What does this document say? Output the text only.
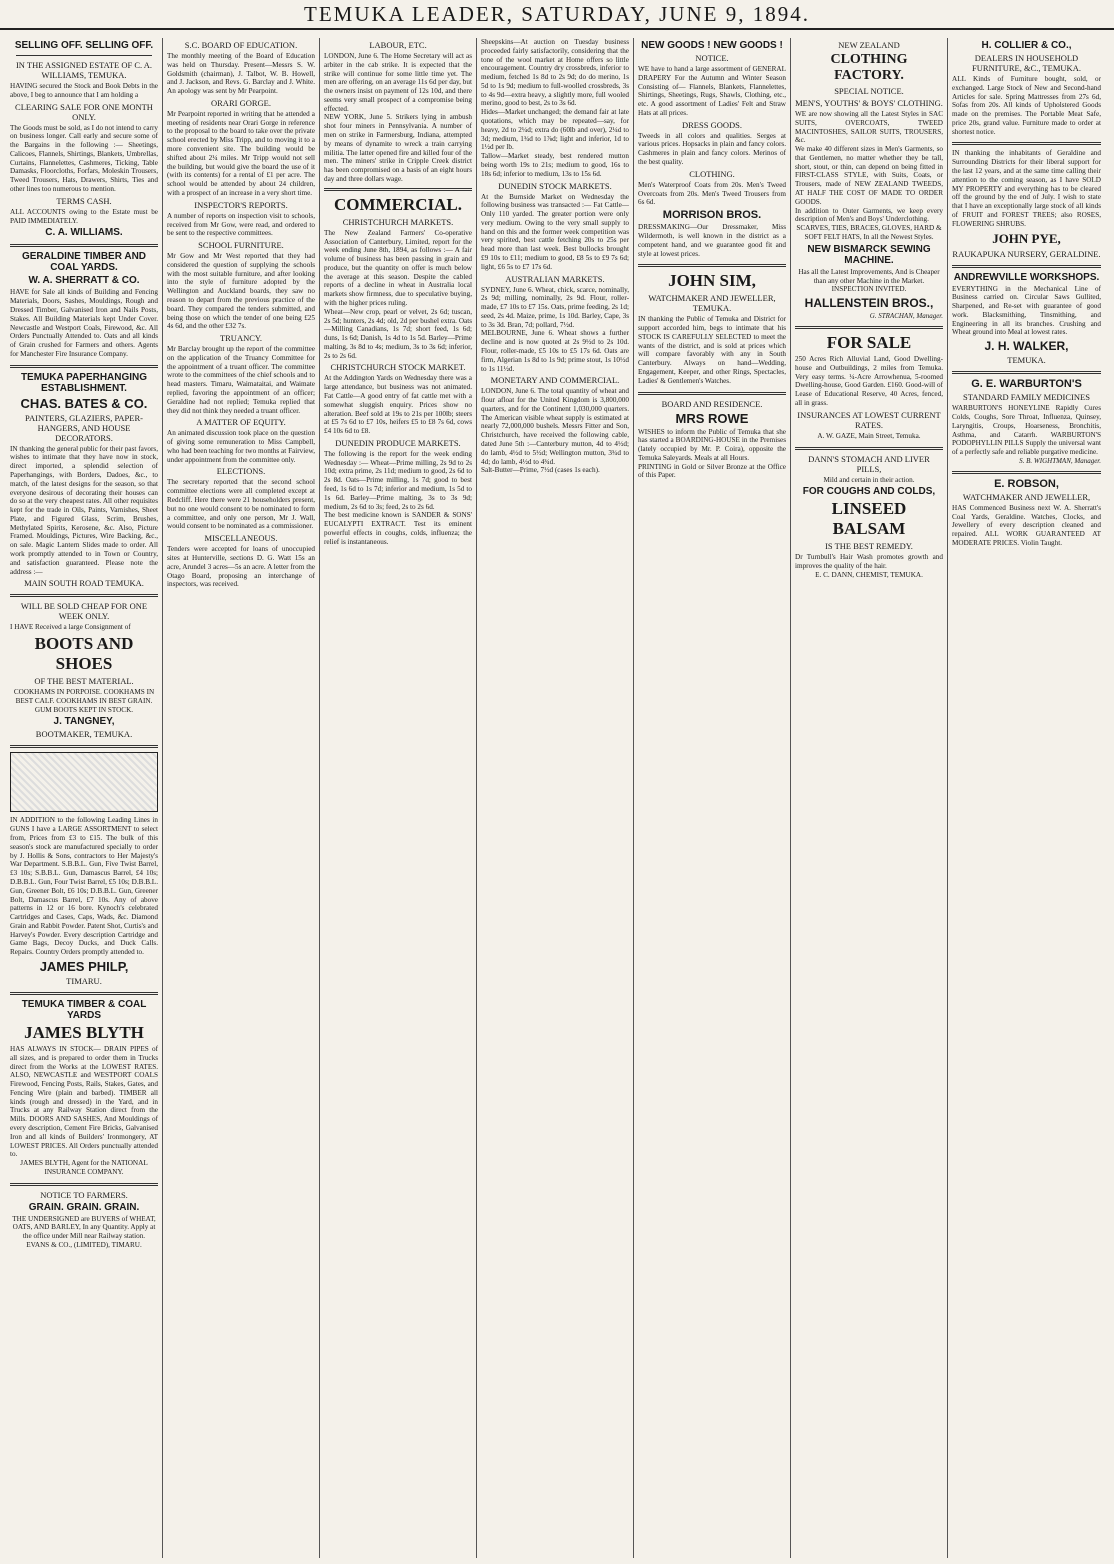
TEMUKA LEADER, SATURDAY, JUNE 9, 1894.
SELLING OFF. SELLING OFF.
IN THE ASSIGNED ESTATE OF C. A. WILLIAMS, TEMUKA.
HAVING secured the Stock and Book Debts in the above, I beg to announce that I am holding a
CLEARING SALE FOR ONE MONTH ONLY.
The Goods must be sold, as I do not intend to carry on business longer. Call early and secure some of the Bargains in the following :— Sheetings, Calicoes, Flannels, Shirtings, Blankets, Umbrellas, Curtains, Flannelettes, Cashmeres, Ticking, Table Damasks, Floorcloths, Forfars, Moleskin Trousers, Tweed Trousers, Hats, Drawers, Shirts, Ties and other lines too numerous to mention.
TERMS CASH.
ALL ACCOUNTS owing to the Estate must be PAID IMMEDIATELY.
C. A. WILLIAMS.
GERALDINE TIMBER AND COAL YARDS.
W. A. SHERRATT & CO.
HAVE for Sale all kinds of Building and Fencing Materials, Doors, Sashes, Mouldings, Rough and Dressed Timber, Galvanised Iron and Nails Posts, Stakes. All Building Materials kept Under Cover. Newcastle and Westport Coals, Firewood, &c. All Orders Punctually Attended to. Oats and all kinds of Grain crushed for Farmers and others. Agents for Manchester Fire Insurance Company.
TEMUKA PAPERHANGING ESTABLISHMENT.
CHAS. BATES & CO.
PAINTERS, GLAZIERS, PAPER-HANGERS, AND HOUSE DECORATORS.
IN thanking the general public for their past favors, wishes to intimate that they have now in stock, direct imported, a splendid selection of Paperhangings, with Borders, Dadoes, &c., to match, of the latest designs for the season, so that everyone desirous of decorating their houses can do so at the very cheapest rates. All other requisites kept for the trade in Oils, Paints, Varnishes, Sheet Plate, and Figured Glass, Scrim, Brushes, Methylated Spirits, Kerosene, &c. Also, Picture Framed. Mouldings, Pictures, Wire Backing, &c., on sale. Magic Lantern Slides made to order. All work promptly attended to in Town or Country, and satisfaction guaranteed. Please note the address :—
MAIN SOUTH ROAD TEMUKA.
WILL BE SOLD CHEAP FOR ONE WEEK ONLY.
I HAVE Received a large Consignment of
BOOTS AND SHOES
OF THE BEST MATERIAL.
COOKHAMS IN PORPOISE. COOKHAMS IN BEST CALF. COOKHAMS IN BEST GRAIN. GUM BOOTS KEPT IN STOCK.
J. TANGNEY,
BOOTMAKER, TEMUKA.
IN ADDITION to the following Leading Lines in GUNS I have a LARGE ASSORTMENT to select from, Prices from £3 to £15. The bulk of this season's stock are manufactured specially to order by J. Hollis & Sons, contractors to Her Majesty's War Department. S.B.B.L. Gun, Five Twist Barrel, £3 10s; S.B.B.L. Gun, Damascus Barrel, £4 10s; D.B.B.L. Gun, Four Twist Barrel, £5 10s; D.B.B.L. Gun, Greener Bolt, £6 10s; D.B.B.L. Gun, Greener Bolt, Damascus Barrel, £7 10s. Any of above patterns in 12 or 16 bore. Kynoch's celebrated Cartridges and Cases, Caps, Wads, &c. Diamond Grain and Rabbit Powder. Patent Shot, Curtis's and Harvey's Powder. Every description Cartridge and Game Bags, Decoy Ducks, and Duck Calls. Repairs. Country Orders promptly attended to.
JAMES PHILP,
TIMARU.
TEMUKA TIMBER & COAL YARDS
JAMES BLYTH
HAS ALWAYS IN STOCK— DRAIN PIPES of all sizes, and is prepared to order them in Trucks direct from the Works at the LOWEST RATES. ALSO, NEWCASTLE and WESTPORT COALS Firewood, Fencing Posts, Rails, Stakes, Gates, and Fencing Wire (plain and barbed). TIMBER all kinds (rough and dressed) in the Yard, and in Trucks at any Railway Station direct from the Mills. DOORS AND SASHES, And Mouldings of every description, Cement Fire Bricks, Galvanised Iron and all kinds of Builders' Ironmongery, AT LOWEST PRICES. All Orders punctually attended to.
JAMES BLYTH, Agent for the NATIONAL INSURANCE COMPANY.
NOTICE TO FARMERS.
GRAIN. GRAIN. GRAIN.
THE UNDERSIGNED are BUYERS of WHEAT, OATS, AND BARLEY, In any Quantity. Apply at the office under Mill near Railway station.
EVANS & CO., (LIMITED), TIMARU.
S.C. BOARD OF EDUCATION.
The monthly meeting of the Board of Education was held on Thursday. Present—Messrs S. W. Goldsmith (chairman), J. Talbot, W. B. Howell, and J. Jackson, and Revs. G. Barclay and J. White. An apology was sent by Mr Pearpoint.
ORARI GORGE.
Mr Pearpoint reported in writing that he attended a meeting of residents near Orari Gorge in reference to the proposal to the board to take over the private school erected by Miss Tripp, and to moving it to a more convenient site. The building would be shifted about 2¼ miles. Mr Tripp would not sell the building, but would give the board the use of it (with its contents) for a rental of £1 per acre. The school would be attended by about 24 children, with a prospect of an increase in a very short time.
INSPECTOR'S REPORTS.
A number of reports on inspection visit to schools, received from Mr Gow, were read, and ordered to be sent to the respective committees.
SCHOOL FURNITURE.
Mr Gow and Mr West reported that they had considered the question of supplying the schools with the most suitable furniture, and after looking into the style of furniture adopted by the Wellington and Auckland boards, they saw no reason to depart from the previous practice of the board. They compared the tenders submitted, and being those on which the tender of one being £25 4s 6d, and the other £32 7s.
TRUANCY.
Mr Barclay brought up the report of the committee on the application of the Truancy Committee for the appointment of a truant officer. The committee wrote to the committees of the chief schools and to head masters. Timaru, Waimataitai, and Waimate replied, favoring the appointment of an officer; Geraldine had not replied; Temuka replied that they did not think they needed a truant officer.
A MATTER OF EQUITY.
An animated discussion took place on the question of giving some remuneration to Miss Campbell, who had been teaching for two months at Fairview, under appointment from the committee only.
ELECTIONS.
The secretary reported that the second school committee elections were all completed except at Redcliff. Here there were 21 householders present, but no one would consent to be nominated to form a committee, and only one person, Mr J. Wall, would consent to be nominated as a commissioner.
MISCELLANEOUS.
Tenders were accepted for loans of unoccupied sites at Hunterville, sections D. G. Watt 15s an acre, Arundel 3 acres—5s an acre. A letter from the Otago Board, proposing an interchange of inspectors, was received.
LABOUR, ETC.
LONDON, June 6. The Home Secretary will act as arbiter in the cab strike. It is expected that the strike will continue for some little time yet. The men are offering, on an average 11s 6d per day, but the owners insist on payment of 12s 10d, and there seems very small prospect of a compromise being effected.
NEW YORK, June 5. Strikers lying in ambush shot four miners in Pennsylvania. A number of men on strike in Farmersburg, Indiana, attempted by means of dynamite to wreck a train carrying militia. The latter opened fire and killed four of the men. The miners' strike in Cripple Creek district has been compromised on a basis of an eight hours day and three dollars wage.
COMMERCIAL.
CHRISTCHURCH MARKETS.
The New Zealand Farmers' Co-operative Association of Canterbury, Limited, report for the week ending June 8th, 1894, as follows :— A fair volume of business has been passing in grain and produce, but the quantity on offer is much below the average at this season. Despite the cabled reports of a decline in wheat in Australia local markets show firmness, due to speculative buying, with the higher prices ruling.
Wheat—New crop, pearl or velvet, 2s 6d; tuscan, 2s 5d; hunters, 2s 4d; old, 2d per bushel extra. Oats—Milling Canadians, 1s 7d; short feed, 1s 6d; duns, 1s 6d; Danish, 1s 4d to 1s 5d. Barley—Prime malting, 3s 8d to 4s; medium, 3s to 3s 6d; inferior, 2s to 2s 6d.
CHRISTCHURCH STOCK MARKET.
At the Addington Yards on Wednesday there was a large attendance, but business was not animated. Fat Cattle—A good entry of fat cattle met with a somewhat sluggish enquiry. Prices show no alteration. Beef sold at 19s to 21s per 100lb; steers at £5 7s 6d to £7 10s, heifers £5 to £8 7s 6d, cows £4 10s 6d to £8.
DUNEDIN PRODUCE MARKETS.
The following is the report for the week ending Wednesday :— Wheat—Prime milling, 2s 9d to 2s 10d; extra prime, 2s 11d; medium to good, 2s 6d to 2s 8d. Oats—Prime milling, 1s 7d; good to best feed, 1s 6d to 1s 7d; inferior and medium, 1s 5d to 1s 6d. Barley—Prime malting, 3s to 3s 9d; medium, 2s 6d to 3s; feed, 2s to 2s 6d.
The best medicine known is SANDER & SONS' EUCALYPTI EXTRACT. Test its eminent powerful effects in coughs, colds, influenza; the relief is instantaneous.
Sheepskins—At auction on Tuesday business proceeded fairly satisfactorily, considering that the tone of the wool market at Home offers so little encouragement. Country dry crossbreds, inferior to medium, fetched 1s 8d to 2s 9d; do do merino, 1s 5d to 1s 9d; medium to full-woolled crossbreds, 3s to 4s 9d—extra heavy, a slightly more, full wooled merino, good to best, 2s to 3s 6d.
Hides—Market unchanged; the demand fair at late quotations, which may be repeated—say, for heavy, 2d to 2¼d; extra do (60lb and over), 2¼d to 3d; medium, 1¾d to 1⅞d; light and inferior, 1d to 1½d per lb.
Tallow—Market steady, best rendered mutton being worth 19s to 21s; medium to good, 16s to 18s 6d; inferior to medium, 13s to 15s 6d.
DUNEDIN STOCK MARKETS.
At the Burnside Market on Wednesday the following business was transacted :— Fat Cattle—Only 110 yarded. The greater portion were only very medium. Owing to the very small supply to hand on this and the former week competition was very spirited, best cattle fetching 20s to 25s per head more than last week. Best bullocks brought £9 10s to £11; medium to good, £8 5s to £9 7s 6d; light, £6 5s to £7 17s 6d.
AUSTRALIAN MARKETS.
SYDNEY, June 6. Wheat, chick, scarce, nominally, 2s 9d; milling, nominally, 2s 9d. Flour, roller-made, £7 10s to £7 15s. Oats, prime feeding, 2s 1d; seed, 2s 4d. Maize, prime, 1s 10d. Barley, Cape, 3s to 3s 3d. Bran, 7d; pollard, 7½d.
MELBOURNE, June 6. Wheat shows a further decline and is now quoted at 2s 9½d to 2s 10d. Flour, roller-made, £5 10s to £5 17s 6d. Oats are firm, Algerian 1s 8d to 1s 9d; prime stout, 1s 10½d to 1s 11½d.
MONETARY AND COMMERCIAL.
LONDON, June 6. The total quantity of wheat and flour afloat for the United Kingdom is 3,800,000 quarters, and for the Continent 1,030,000 quarters. The American visible wheat supply is estimated at nearly 72,000,000 bushels. Messrs Fitter and Son, Christchurch, have received the following cable, dated June 5th :—Canterbury mutton, 4d to 4½d; do lamb, 4½d to 5½d; Wellington mutton, 3¾d to 4d; do lamb, 4½d to 4¾d.
Salt-Butter—Prime, 7½d (cases 1s each).
NEW GOODS ! NEW GOODS !
NOTICE.
WE have to hand a large assortment of GENERAL DRAPERY For the Autumn and Winter Season Consisting of— Flannels, Blankets, Flannelettes, Shirtings, Sheetings, Rugs, Shawls, Clothing, etc., etc. A good assortment of Ladies' Felt and Straw Hats at all prices.
DRESS GOODS.
Tweeds in all colors and qualities. Serges at various prices. Hopsacks in plain and fancy colors. Cashmeres in plain and fancy colors. Merinos of the best quality.
CLOTHING.
Men's Waterproof Coats from 20s. Men's Tweed Overcoats from 20s. Men's Tweed Trousers from 6s 6d.
MORRISON BROS.
DRESSMAKING—Our Dressmaker, Miss Wildermoth, is well known in the district as a competent hand, and we guarantee good fit and style at lowest prices.
JOHN SIM,
WATCHMAKER AND JEWELLER, TEMUKA.
IN thanking the Public of Temuka and District for support accorded him, begs to intimate that his STOCK IS CAREFULLY SELECTED to meet the wants of the district, and is sold at prices which will compare favorably with any in South Canterbury. Always on hand—Wedding, Engagement, Keeper, and other Rings, Spectacles, Ladies' & Gentlemen's Watches.
BOARD AND RESIDENCE.
MRS ROWE
WISHES to inform the Public of Temuka that she has started a BOARDING-HOUSE in the Premises (lately occupied by Mr. P. Coira), opposite the Temuka Saleyards. Meals at all Hours.
PRINTING in Gold or Silver Bronze at the Office of this Paper.
NEW ZEALAND
CLOTHING FACTORY.
SPECIAL NOTICE.
MEN'S, YOUTHS' & BOYS' CLOTHING.
WE are now showing all the Latest Styles in SAC SUITS, OVERCOATS, TWEED MACINTOSHES, SAILOR SUITS, TROUSERS, &c.
We make 40 different sizes in Men's Garments, so that Gentlemen, no matter whether they be tall, short, stout, or thin, can depend on being fitted in FIRST-CLASS STYLE, with Suits, Coats, or Trousers, made of NEW ZEALAND TWEEDS, AT HALF THE COST OF MADE TO ORDER GOODS.
In addition to Outer Garments, we keep every description of Men's and Boys' Underclothing.
SCARVES, TIES, BRACES, GLOVES, HARD & SOFT FELT HATS, In all the Newest Styles.
NEW BISMARCK SEWING MACHINE.
Has all the Latest Improvements, And is Cheaper than any other Machine in the Market. INSPECTION INVITED.
HALLENSTEIN BROS.,
G. STRACHAN, Manager.
FOR SALE
250 Acres Rich Alluvial Land, Good Dwelling-house and Outbuildings, 2 miles from Temuka. Very easy terms. ¼-Acre Arrowhenua, 5-roomed Dwelling-house, Good Garden. £160. Good-will of Lease of Educational Reserve, 40 Acres, fenced, all in grass.
INSURANCES AT LOWEST CURRENT RATES.
A. W. GAZE, Main Street, Temuka.
DANN'S STOMACH AND LIVER PILLS,
Mild and certain in their action.
FOR COUGHS AND COLDS,
LINSEED BALSAM
IS THE BEST REMEDY.
Dr Turnbull's Hair Wash promotes growth and improves the quality of the hair.
E. C. DANN, CHEMIST, TEMUKA.
H. COLLIER & CO.,
DEALERS IN HOUSEHOLD FURNITURE, &C., TEMUKA.
ALL Kinds of Furniture bought, sold, or exchanged. Large Stock of New and Second-hand Articles for sale. Spring Mattresses from 27s 6d, Sofas from 20s. All kinds of Upholstered Goods made on the premises. The Portable Meat Safe, price 20s, grand value. Furniture made to order at shortest notice.
IN thanking the inhabitants of Geraldine and Surrounding Districts for their liberal support for the last 12 years, and at the same time calling their attention to the coming season, as I have SOLD MY PROPERTY and everything has to be cleared off the ground by the end of July. I wish to state that I have an exceptionally large stock of all kinds of FRUIT and FOREST TREES; also ROSES, FLOWERING SHRUBS.
JOHN PYE,
RAUKAPUKA NURSERY, GERALDINE.
ANDREWVILLE WORKSHOPS.
EVERYTHING in the Mechanical Line of Business carried on. Circular Saws Gullited, Sharpened, and Re-set with guarantee of good work. Blacksmithing, Tinsmithing, and Engineering in all its branches. Crushing and Wheat ground into Meal at lowest rates.
J. H. WALKER,
TEMUKA.
G. E. WARBURTON'S
STANDARD FAMILY MEDICINES
WARBURTON'S HONEYLINE Rapidly Cures Colds, Coughs, Sore Throat, Influenza, Quinsey, Laryngitis, Croups, Hoarseness, Bronchitis, Asthma, and Catarrh. WARBURTON'S PODOPHYLLIN PILLS Supply the universal want of a perfectly safe and reliable purgative medicine.
S. B. WIGHTMAN, Manager.
E. ROBSON,
WATCHMAKER AND JEWELLER,
HAS Commenced Business next W. A. Sherratt's Coal Yards, Geraldine. Watches, Clocks, and Jewellery of every description cleaned and repaired. ALL WORK GUARANTEED AT MODERATE PRICES. Violin Taught.
